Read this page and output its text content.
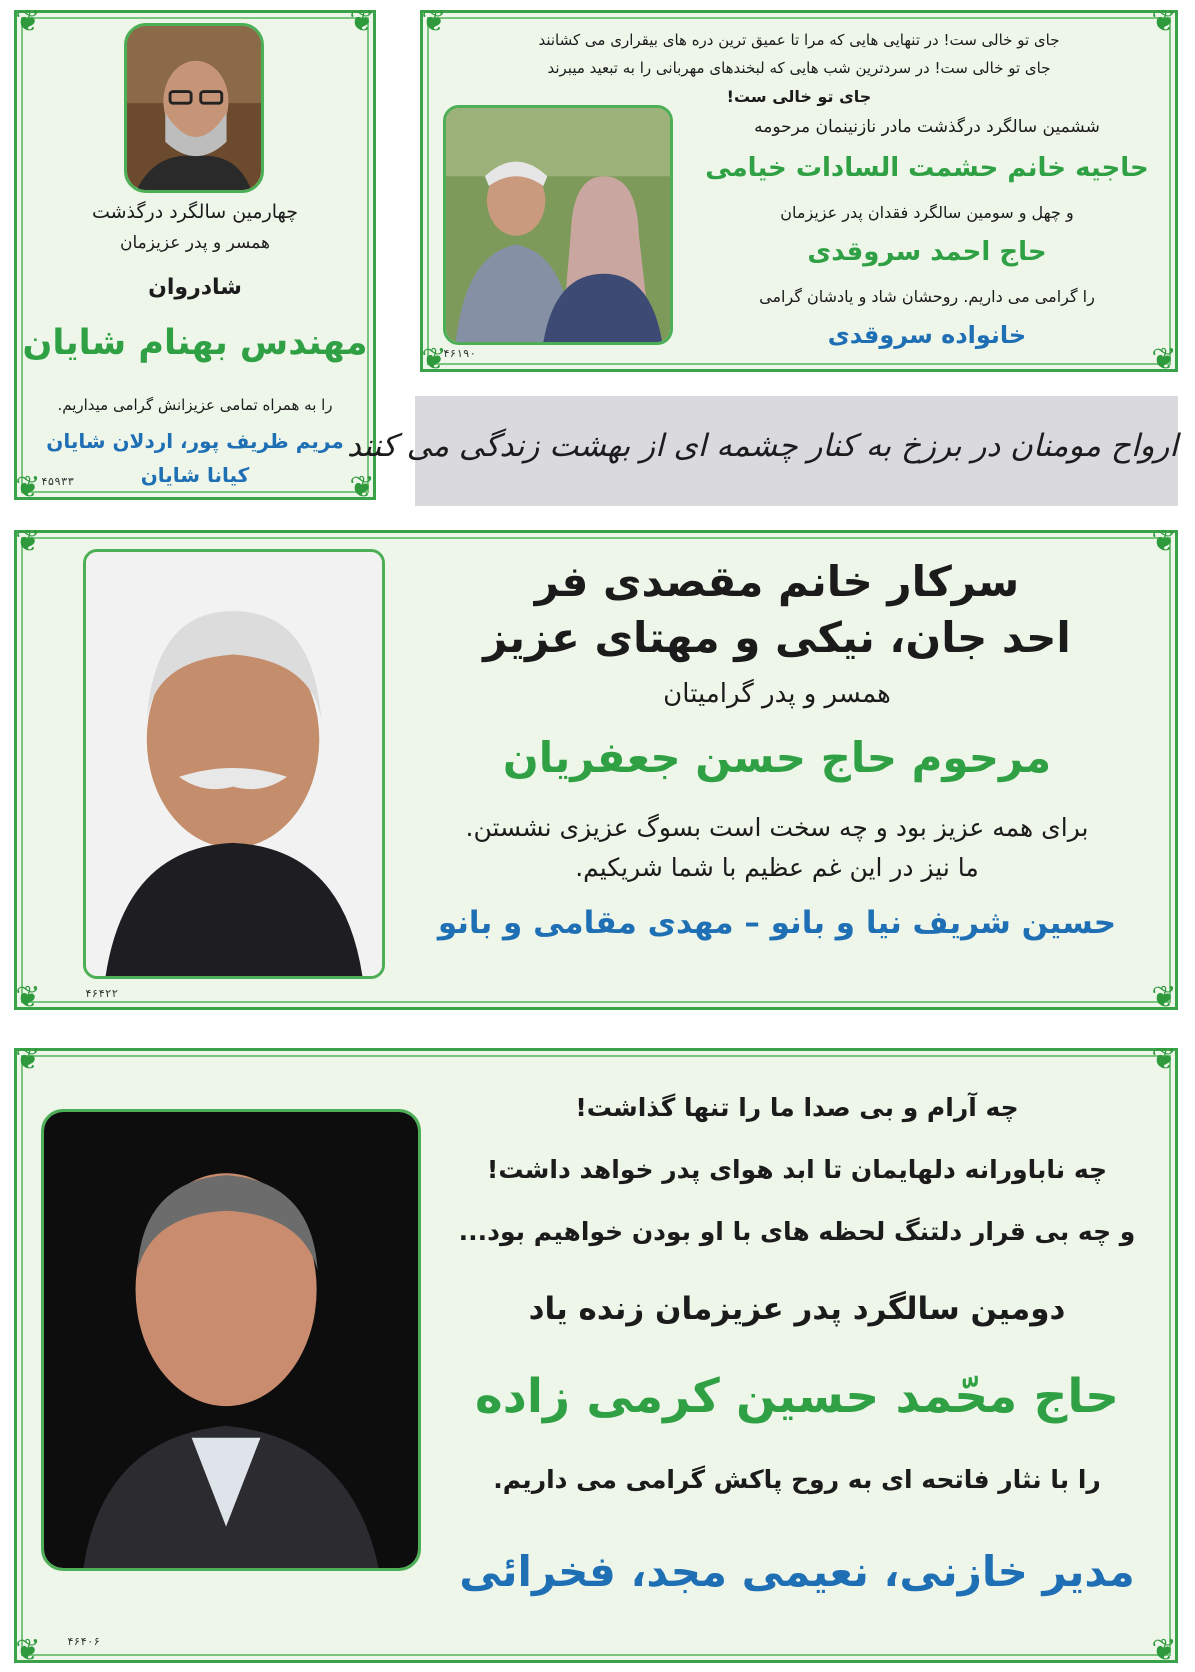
❦	❦
❦	❦
چهارمین سالگرد درگذشت
همسر و پدر عزیزمان
شادروان
مهندس بهنام شایان
را به همراه تمامی عزیزانش گرامی میداریم.
مریم ظریف پور، اردلان شایان
کیانا شایان
۴۵۹۳۳
❦	❦
❦	❦
جای تو خالی ست! در تنهایی هایی که مرا تا عمیق ترین دره های بیقراری می کشانند
جای تو خالی ست! در سردترین شب هایی که لبخندهای مهربانی را به تبعید میبرند
جای تو خالی ست!
ششمین سالگرد درگذشت مادر نازنینمان مرحومه
حاجیه خانم حشمت السادات خیامی
و چهل و سومین سالگرد فقدان پدر عزیزمان
حاج احمد سروقدی
را گرامی می داریم. روحشان شاد و یادشان گرامی
خانواده سروقدی
۴۶۱۹۰
ارواح مومنان در برزخ به کنار چشمه ای از بهشت زندگی می کنند
❦	❦
❦	❦
سرکار خانم مقصدی فر
احد جان، نیکی و مهتای عزیز
همسر و پدر گرامیتان
مرحوم حاج حسن جعفریان
برای همه عزیز بود و چه سخت است بسوگ عزیزی نشستن.
ما نیز در این غم عظیم با شما شریکیم.
حسین شریف نیا و بانو – مهدی مقامی و بانو
۴۶۴۲۲
❦	❦
❦	❦
چه آرام و بی صدا ما را تنها گذاشت!
چه ناباورانه دلهایمان تا ابد هوای پدر خواهد داشت!
و چه بی قرار دلتنگ لحظه های با او بودن خواهیم بود...
دومین سالگرد پدر عزیزمان زنده یاد
حاج محّمد حسین کرمی زاده
را با نثار فاتحه ای به روح پاکش گرامی می داریم.
مدیر خازنی، نعیمی مجد، فخرائی
۴۶۴۰۶
